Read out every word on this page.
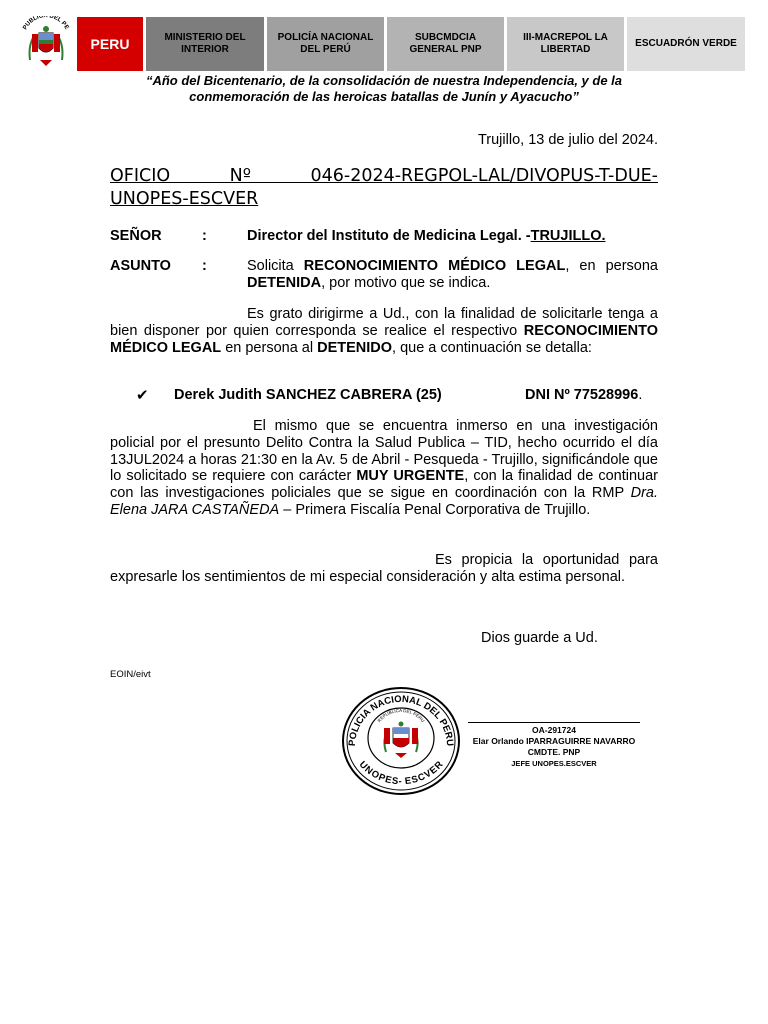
PUBLICA DEL PE
PERU	MINISTERIO DEL INTERIOR
POLICÍA NACIONAL DEL PERÚ
SUBCMDCIA GENERAL PNP
III-MACREPOL LA LIBERTAD
ESCUADRÓN VERDE
“Año del Bicentenario, de la consolidación de nuestra Independencia, y de la conmemoración de las heroicas batallas de Junín y Ayacucho”
Trujillo, 13 de julio del 2024.
OFICIO Nº 046-2024-REGPOL-LAL/DIVOPUS-T-DUE-
UNOPES-ESCVER
SEÑOR	:	Director del Instituto de Medicina Legal. -TRUJILLO.
ASUNTO :	Solicita RECONOCIMIENTO MÉDICO LEGAL, en persona DETENIDA, por motivo que se indica.
Es grato dirigirme a Ud., con la finalidad de solicitarle tenga a bien disponer por quien corresponda se realice el respectivo RECONOCIMIENTO MÉDICO LEGAL en persona al DETENIDO, que a continuación se detalla:
✔ Derek Judith SANCHEZ CABRERA (25)	DNI Nº 77528996.
El mismo que se encuentra inmerso en una investigación policial por el presunto Delito Contra la Salud Publica – TID, hecho ocurrido el día 13JUL2024 a horas 21:30 en la Av. 5 de Abril - Pesqueda - Trujillo, significándole que lo solicitado se requiere con carácter MUY URGENTE, con la finalidad de continuar con las investigaciones policiales que se sigue en coordinación con la RMP Dra. Elena JARA CASTAÑEDA – Primera Fiscalía Penal Corporativa de Trujillo.
Es propicia la oportunidad para expresarle los sentimientos de mi especial consideración y alta estima personal.
Dios guarde a Ud.
EOIN/eivt
POLICIA NACIONAL DEL PERU
UNOPES- ESCVER
REPUBLICA DEL PERU
OA-291724
Elar Orlando IPARRAGUIRRE NAVARRO
CMDTE. PNP
JEFE UNOPES.ESCVER
